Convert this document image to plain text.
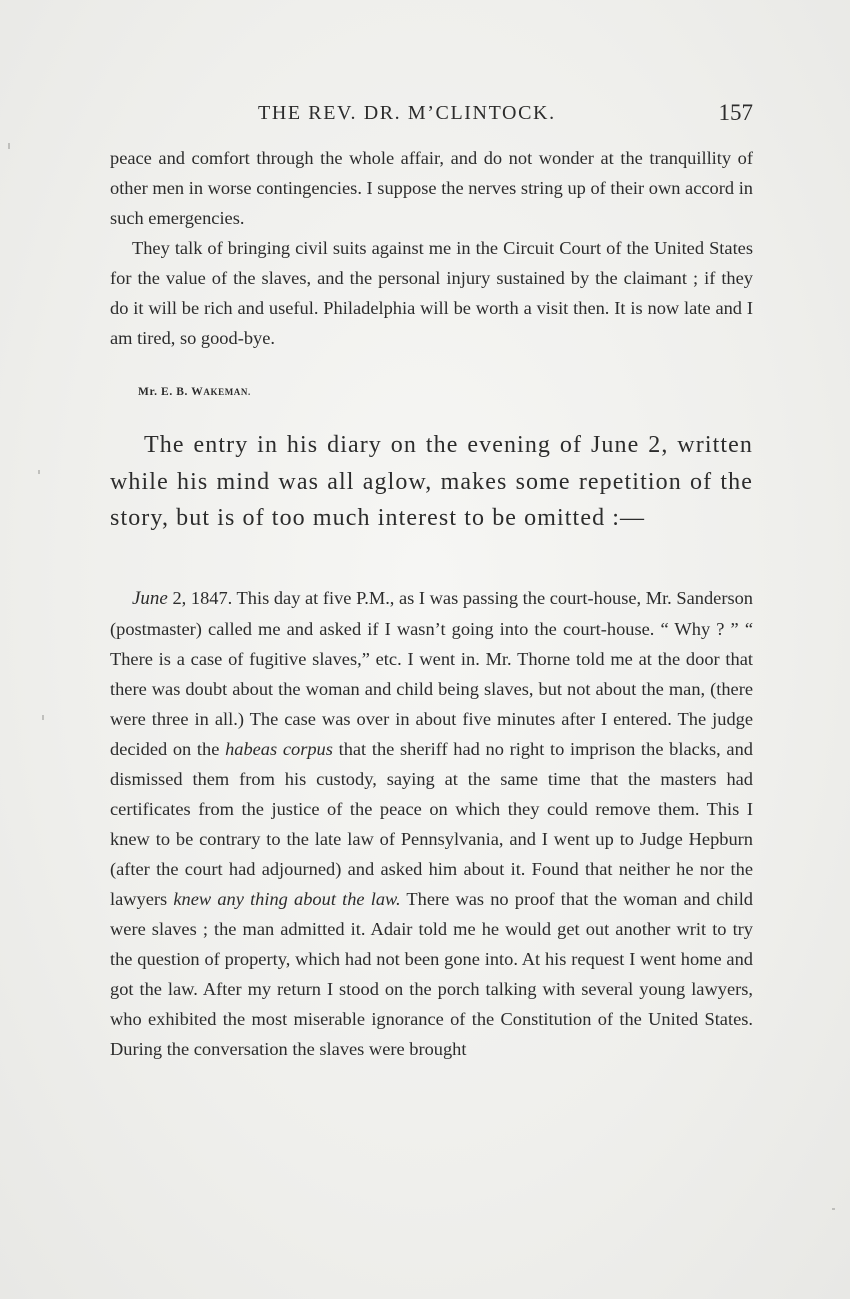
THE REV. DR. M’CLINTOCK.	157

peace and comfort through the whole affair, and do not wonder at the tranquillity of other men in worse contingencies. I suppose the nerves string up of their own accord in such emergencies.

They talk of bringing civil suits against me in the Circuit Court of the United States for the value of the slaves, and the personal injury sustained by the claimant ; if they do it will be rich and useful. Philadelphia will be worth a visit then. It is now late and I am tired, so good-bye.

Mr. E. B. WAKEMAN.

The entry in his diary on the evening of June 2, written while his mind was all aglow, makes some repetition of the story, but is of too much interest to be omitted :—

June 2, 1847. This day at five P.M., as I was passing the court-house, Mr. Sanderson (postmaster) called me and asked if I wasn’t going into the court-house. “ Why ? ” “ There is a case of fugitive slaves,” etc. I went in. Mr. Thorne told me at the door that there was doubt about the woman and child being slaves, but not about the man, (there were three in all.) The case was over in about five minutes after I entered. The judge decided on the habeas corpus that the sheriff had no right to imprison the blacks, and dismissed them from his custody, saying at the same time that the masters had certificates from the justice of the peace on which they could remove them. This I knew to be contrary to the late law of Pennsylvania, and I went up to Judge Hepburn (after the court had adjourned) and asked him about it. Found that neither he nor the lawyers knew any thing about the law. There was no proof that the woman and child were slaves ; the man admitted it. Adair told me he would get out another writ to try the question of property, which had not been gone into. At his request I went home and got the law. After my return I stood on the porch talking with several young lawyers, who exhibited the most miserable ignorance of the Constitution of the United States. During the conversation the slaves were brought
